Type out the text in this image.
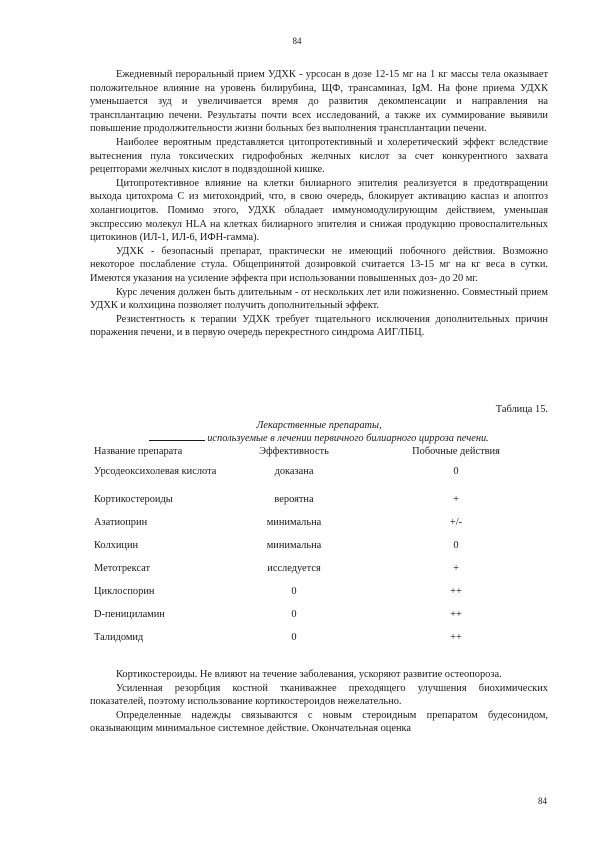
84

Ежедневный пероральный прием УДХК - урсосан в дозе 12-15 мг на 1 кг массы тела оказывает положительное влияние на уровень билирубина, ЩФ, трансаминаз, IgM. На фоне приема УДХК уменьшается зуд и увеличивается время до развития декомпенсации и направления на трансплантацию печени. Результаты почти всех исследований, а также их суммирование выявили повышение продолжительности жизни больных без выполнения трансплантации печени.

Наиболее вероятным представляется цитопротективный и холеретический эффект вследствие вытеснения пула токсических гидрофобных желчных кислот за счет конкурентного захвата рецепторами желчных кислот в подвздошной кишке.

Цитопротективное влияние на клетки билиарного эпителия реализуется в предотвращении выхода цитохрома С из митохондрий, что, в свою очередь, блокирует активацию каспаз и апоптоз холангиоцитов. Помимо этого, УДХК обладает иммуномодулирующим действием, уменьшая экспрессию молекул HLA на клетках билиарного эпителия и снижая продукцию провоспалительных цитокинов (ИЛ-1, ИЛ-6, ИФН-гамма).

УДХК - безопасный препарат, практически не имеющий побочного действия. Возможно некоторое послабление стула. Общепринятой дозировкой считается 13-15 мг на кг веса в сутки. Имеются указания на усиление эффекта при использовании повышенных доз- до 20 мг.

Курс лечения должен быть длительным - от нескольких лет или пожизненно. Совместный прием УДХК и колхицина позволяет получить дополнительный эффект.

Резистентность к терапии УДХК требует тщательного исключения дополнительных причин поражения печени, и в первую очередь перекрестного синдрома АИГ/ПБЦ.

Таблица 15.
Лекарственные препараты,
используемые в лечении первичного билиарного цирроза печени.
Название препарата	Эффективность	Побочные действия
Урсодеоксихолевая кислота	доказана	0
Кортикостероиды	вероятна	+
Азатиоприн	минимальна	+/-
Колхицин	минимальна	0
Метотрексат	исследуется	+
Циклоспорин	0	++
D-пенициламин	0	++
Талидомид	0	++

Кортикостероиды. Не влияют на течение заболевания, ускоряют развитие остеопороза.

Усиленная резорбция костной тканиважнее преходящего улучшения биохимических показателей, поэтому использование кортикостероидов нежелательно.

Определенные надежды связываются с новым стероидным препаратом будесонидом, оказывающим минимальное системное действие. Окончательная оценка

84
